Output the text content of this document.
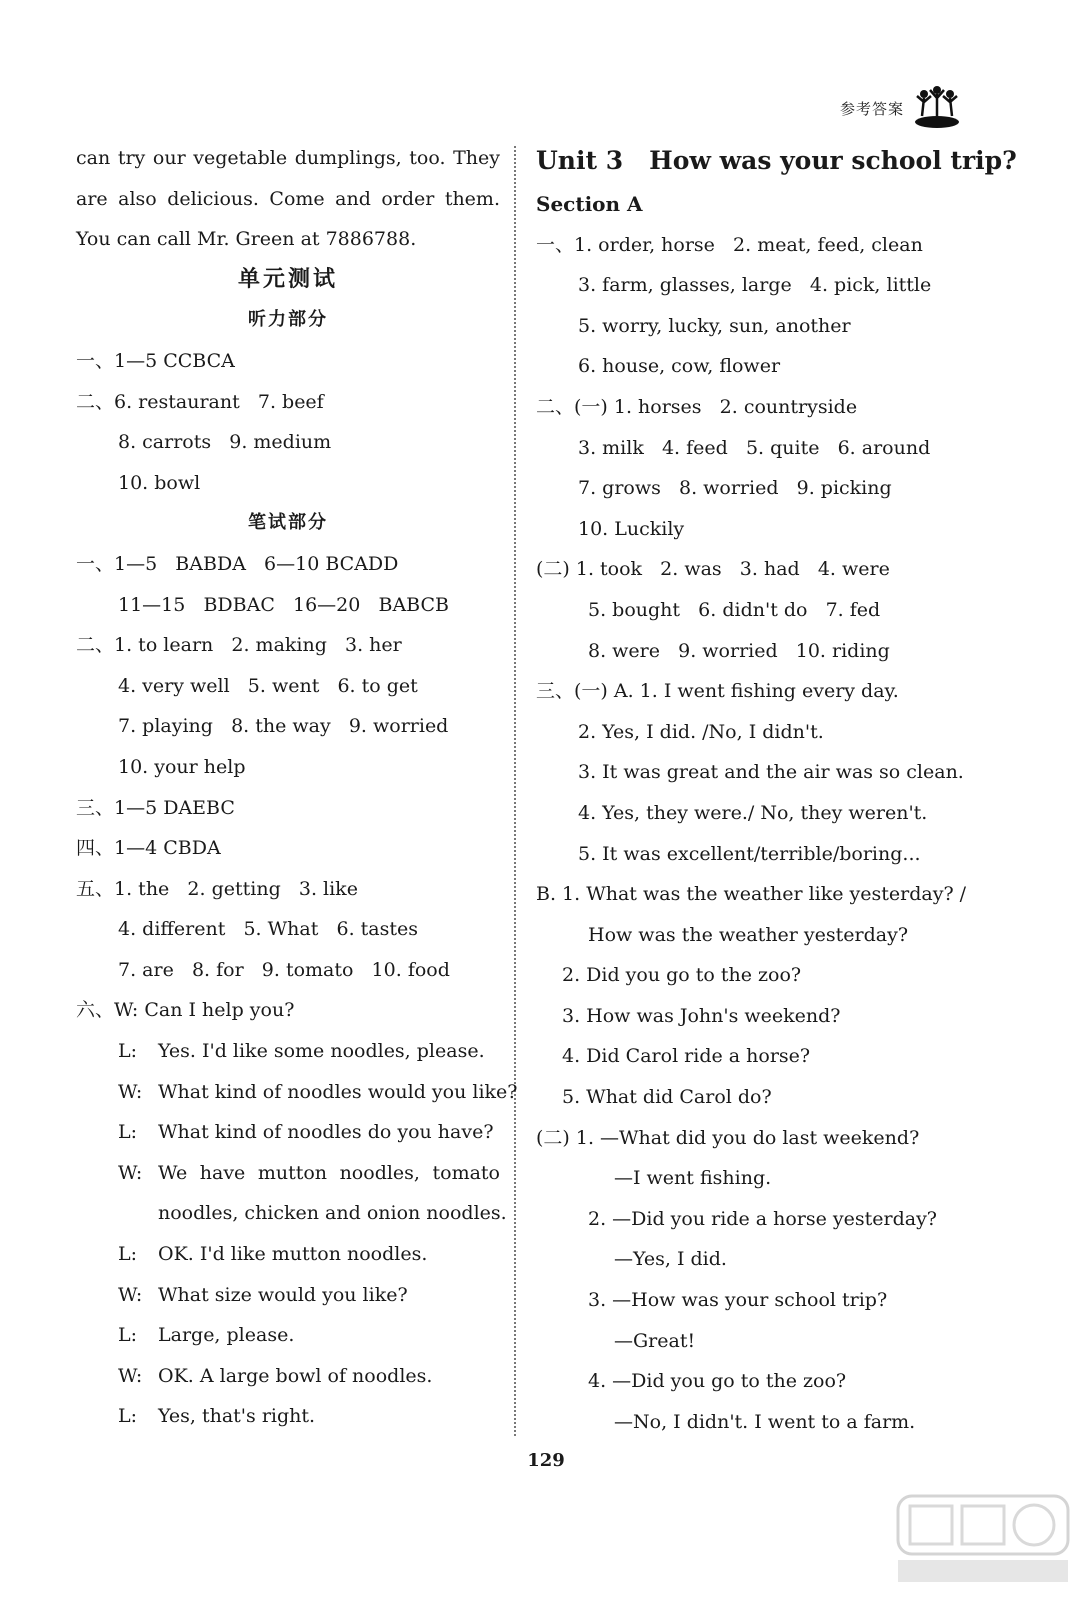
参考答案
can try our vegetable dumplings, too. They
are also delicious. Come and order them.
You can call Mr. Green at 7886788.
单元测试
听力部分
一、1—5 CCBCA
二、6. restaurant   7. beef
8. carrots   9. medium
10. bowl
笔试部分
一、1—5   BABDA   6—10 BCADD
11—15   BDBAC   16—20   BABCB
二、1. to learn   2. making   3. her
4. very well   5. went   6. to get
7. playing   8. the way   9. worried
10. your help
三、1—5 DAEBC
四、1—4 CBDA
五、1. the   2. getting   3. like
4. different   5. What   6. tastes
7. are   8. for   9. tomato   10. food
六、W: Can I help you?
L: Yes. I'd like some noodles, please.
W: What kind of noodles would you like?
L: What kind of noodles do you have?
W: We have mutton noodles, tomato
noodles, chicken and onion noodles.
L: OK. I'd like mutton noodles.
W: What size would you like?
L: Large, please.
W: OK. A large bowl of noodles.
L: Yes, that's right.
Unit 3 How was your school trip?
Section A
一、1. order, horse   2. meat, feed, clean
3. farm, glasses, large   4. pick, little
5. worry, lucky, sun, another
6. house, cow, flower
二、(一) 1. horses   2. countryside
3. milk   4. feed   5. quite   6. around
7. grows   8. worried   9. picking
10. Luckily
(二) 1. took   2. was   3. had   4. were
5. bought   6. didn't do   7. fed
8. were   9. worried   10. riding
三、(一) A. 1. I went fishing every day.
2. Yes, I did. /No, I didn't.
3. It was great and the air was so clean.
4. Yes, they were./ No, they weren't.
5. It was excellent/terrible/boring...
B. 1. What was the weather like yesterday? /
How was the weather yesterday?
2. Did you go to the zoo?
3. How was John's weekend?
4. Did Carol ride a horse?
5. What did Carol do?
(二) 1. —What did you do last weekend?
—I went fishing.
2. —Did you ride a horse yesterday?
—Yes, I did.
3. —How was your school trip?
—Great!
4. —Did you go to the zoo?
—No, I didn't. I went to a farm.
129
